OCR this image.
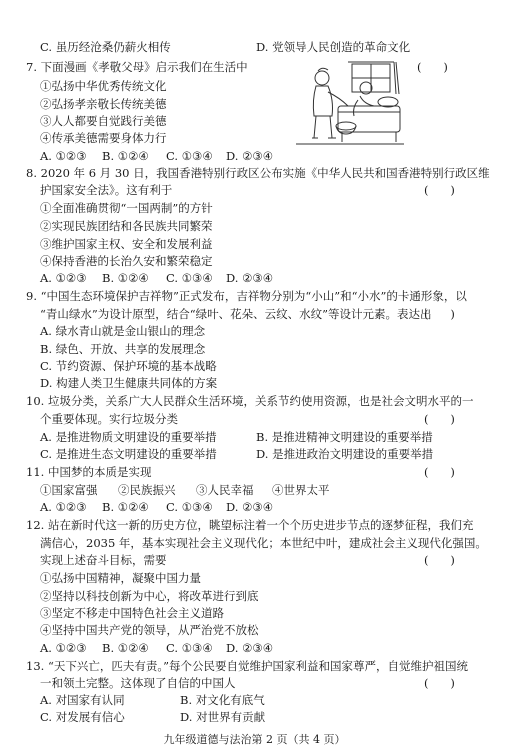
C. 虽历经沧桑仍薪火相传	D. 党领导人民创造的革命文化
7. 下面漫画《孝敬父母》启示我们在生活中	(      )
①弘扬中华优秀传统文化
②弘扬孝亲敬长传统美德
③人人都要自觉践行美德
④传承美德需要身体力行
A. ①②③ B. ①②④ C. ①③④ D. ②③④
8. 2020 年 6 月 30 日，我国香港特别行政区公布实施《中华人民共和国香港特别行政区维
护国家安全法》。这有利于	(      )
①全面准确贯彻“一国两制”的方针
②实现民族团结和各民族共同繁荣
③维护国家主权、安全和发展利益
④保持香港的长治久安和繁荣稳定
A. ①②③ B. ①②④ C. ①③④ D. ②③④
9. “中国生态环境保护吉祥物”正式发布，吉祥物分别为“小山”和“小水”的卡通形象，以
“青山绿水”为设计原型，结合“绿叶、花朵、云纹、水纹”等设计元素。表达出
(      )
A. 绿水青山就是金山银山的理念
B. 绿色、开放、共享的发展理念
C. 节约资源、保护环境的基本战略
D. 构建人类卫生健康共同体的方案
10. 垃圾分类，关系广大人民群众生活环境，关系节约使用资源，也是社会文明水平的一
个重要体现。实行垃圾分类	(      )
A. 是推进物质文明建设的重要举措	B. 是推进精神文明建设的重要举措
C. 是推进生态文明建设的重要举措	D. 是推进政治文明建设的重要举措
11. 中国梦的本质是实现	(      )
①国家富强 ②民族振兴 ③人民幸福 ④世界太平
A. ①②③ B. ①②④ C. ①③④ D. ②③④
12. 站在新时代这一新的历史方位，眺望标注着一个个历史进步节点的逐梦征程，我们充
满信心，2035 年，基本实现社会主义现代化；本世纪中叶，建成社会主义现代化强国。
实现上述奋斗目标，需要	(      )
①弘扬中国精神，凝聚中国力量
②坚持以科技创新为中心，将改革进行到底
③坚定不移走中国特色社会主义道路
④坚持中国共产党的领导，从严治党不放松
A. ①②③ B. ①②④ C. ①③④ D. ②③④
13. “天下兴亡，匹夫有责。”每个公民要自觉维护国家利益和国家尊严，自觉维护祖国统
一和领土完整。这体现了自信的中国人	(      )
A. 对国家有认同	B. 对文化有底气
C. 对发展有信心	D. 对世界有贡献
九年级道德与法治第 2 页（共 4 页）
